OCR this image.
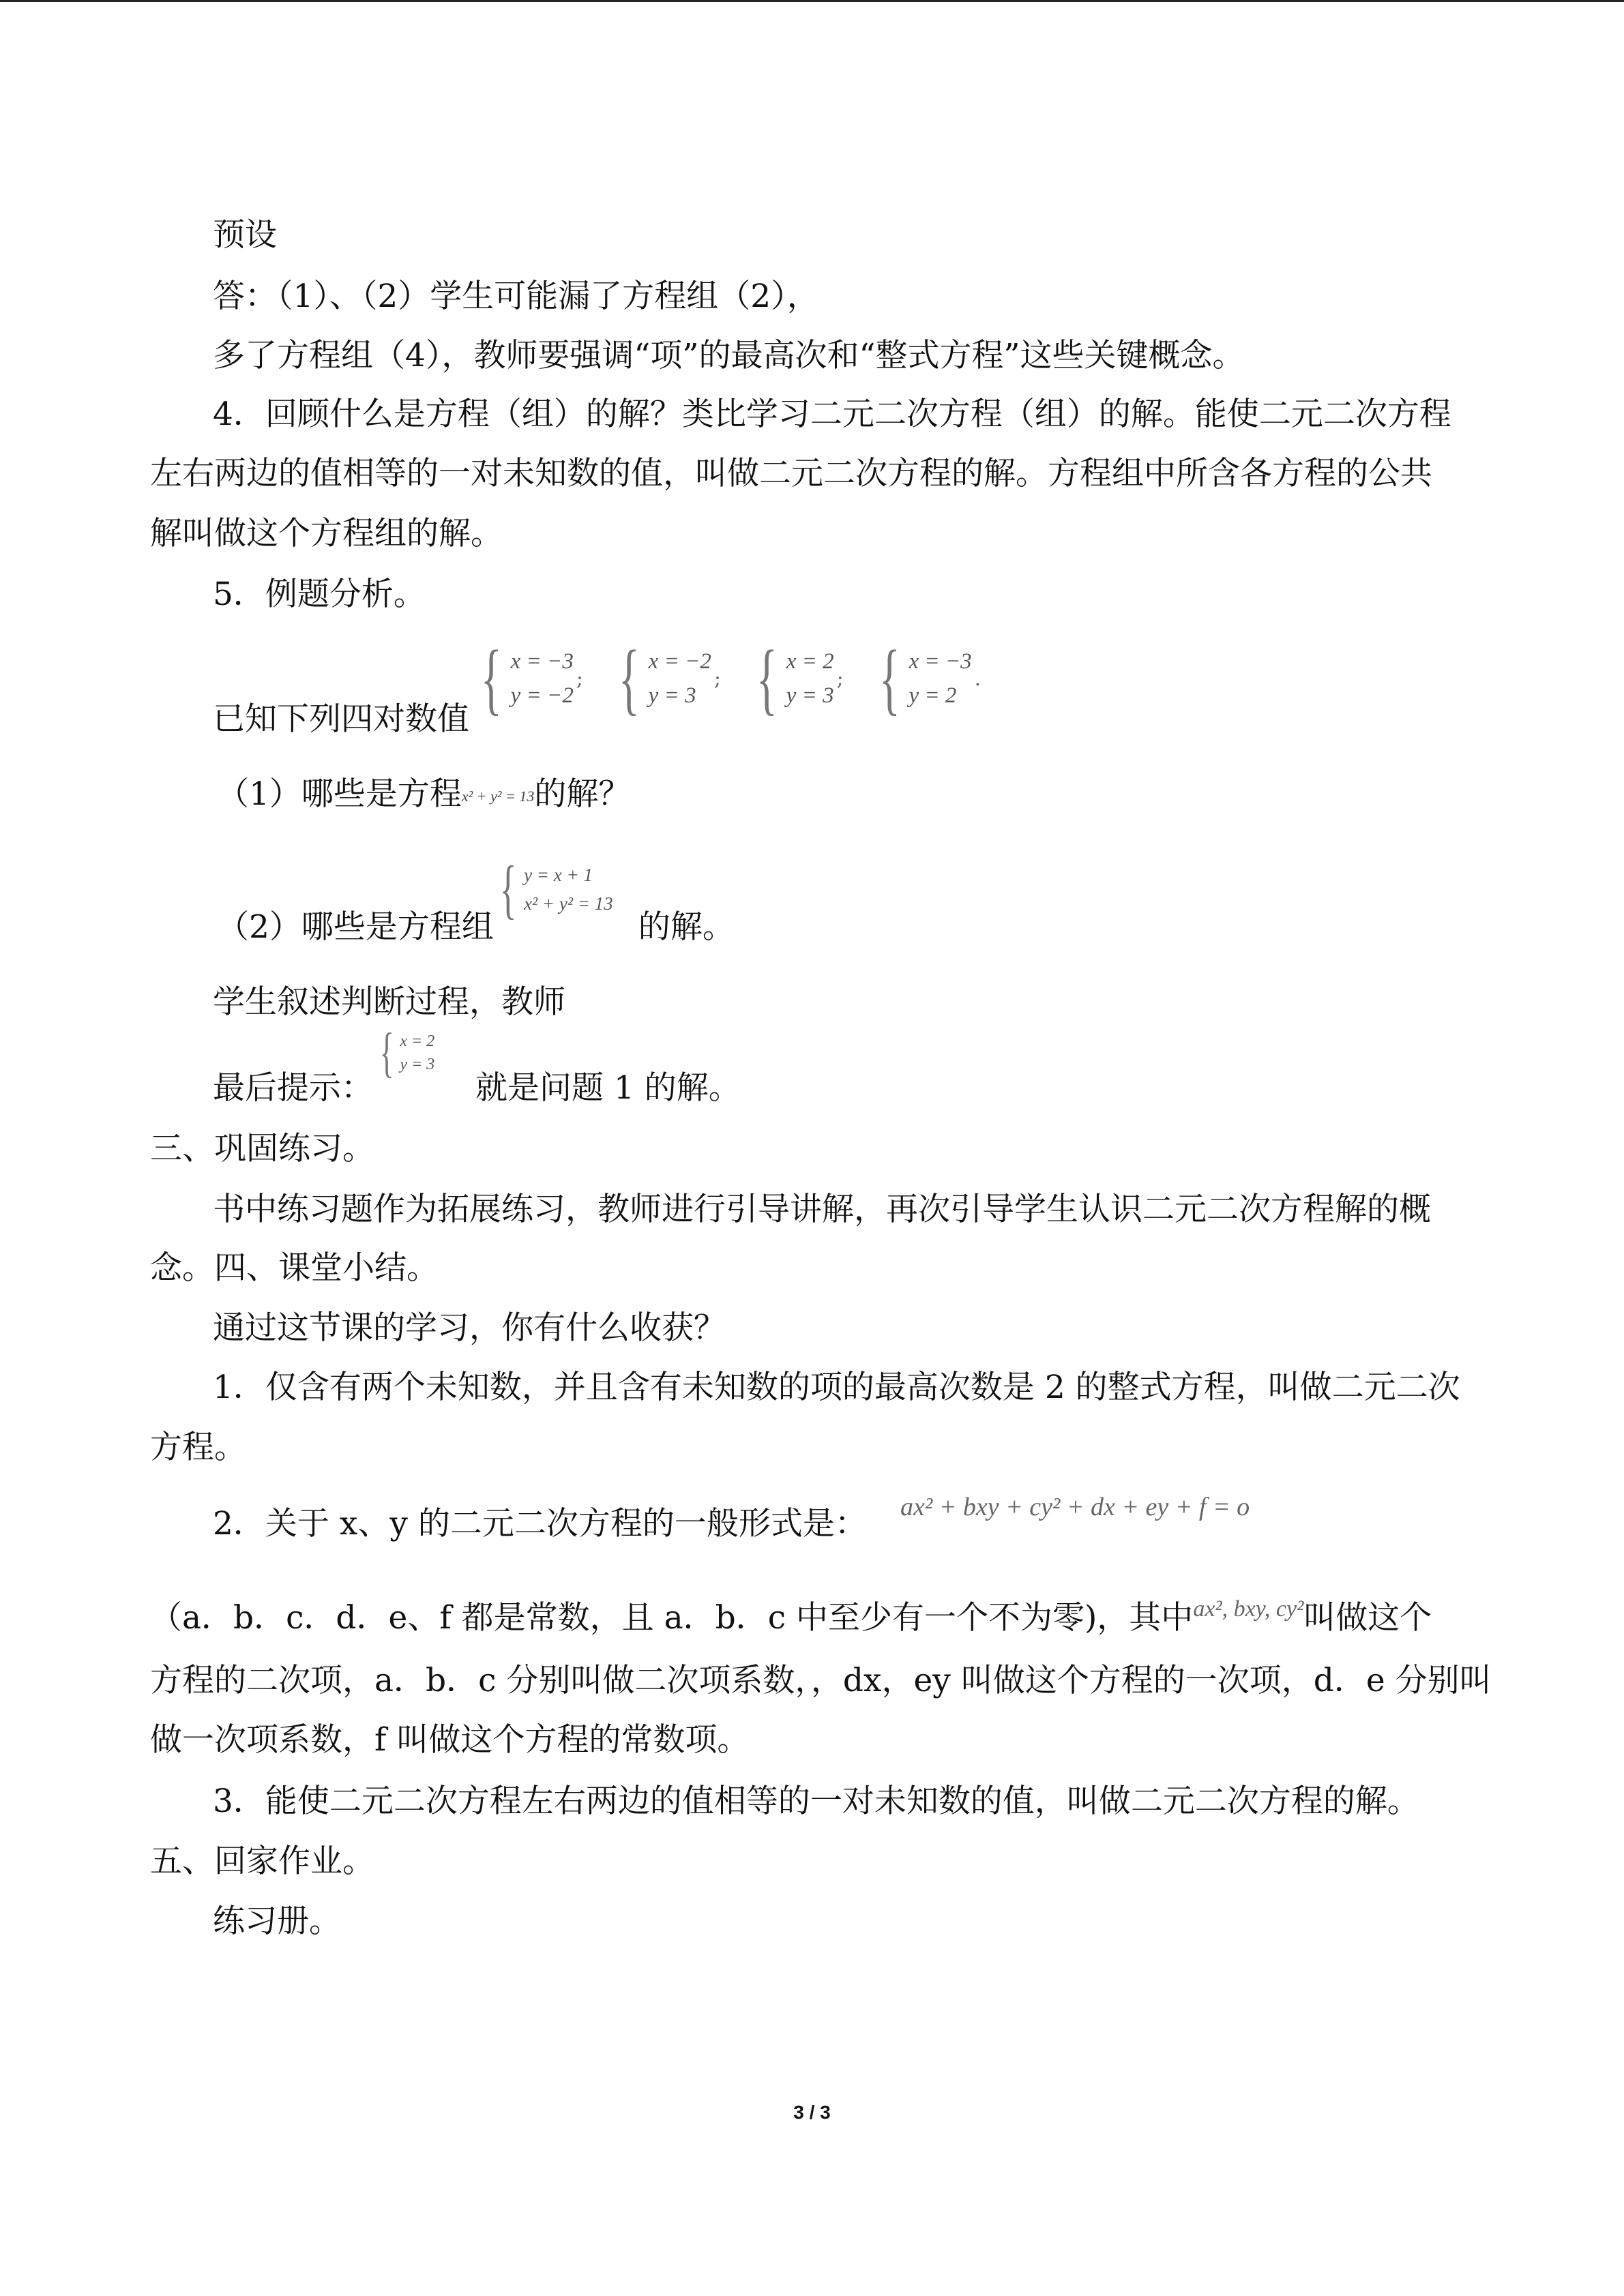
预设
答：（1）、（2）学生可能漏了方程组（2），
多了方程组（4），教师要强调“项”的最高次和“整式方程”这些关键概念。
4．回顾什么是方程（组）的解？类比学习二元二次方程（组）的解。能使二元二次方程
左右两边的值相等的一对未知数的值，叫做二元二次方程的解。方程组中所含各方程的公共
解叫做这个方程组的解。
5．例题分析。
{ x = −3
y = −2
;
{ x = −2
y = 3
;
{ x = 2
y = 3
;
{ x = −3
y = 2
.
已知下列四对数值
（1）哪些是方程x² + y² = 13的解？
{ y = x + 1
x² + y² = 13
（2）哪些是方程组	的解。
学生叙述判断过程，教师
{ x = 2
y = 3
最后提示：	就是问题 1 的解。
三、巩固练习。
书中练习题作为拓展练习，教师进行引导讲解，再次引导学生认识二元二次方程解的概
念。四、课堂小结。
通过这节课的学习，你有什么收获？
1．仅含有两个未知数，并且含有未知数的项的最高次数是 2 的整式方程，叫做二元二次
方程。
2．关于 x、y 的二元二次方程的一般形式是：	ax² + bxy + cy² + dx + ey + f = o
（a．b．c．d．e、f 都是常数，且 a．b．c 中至少有一个不为零)，其中$^{ax^2, bxy, cy^2}$叫做这个
方程的二次项，a．b．c 分别叫做二次项系数，，dx，ey 叫做这个方程的一次项，d．e 分别叫
做一次项系数，f 叫做这个方程的常数项。
3．能使二元二次方程左右两边的值相等的一对未知数的值，叫做二元二次方程的解。
五、回家作业。
练习册。
3 / 3
